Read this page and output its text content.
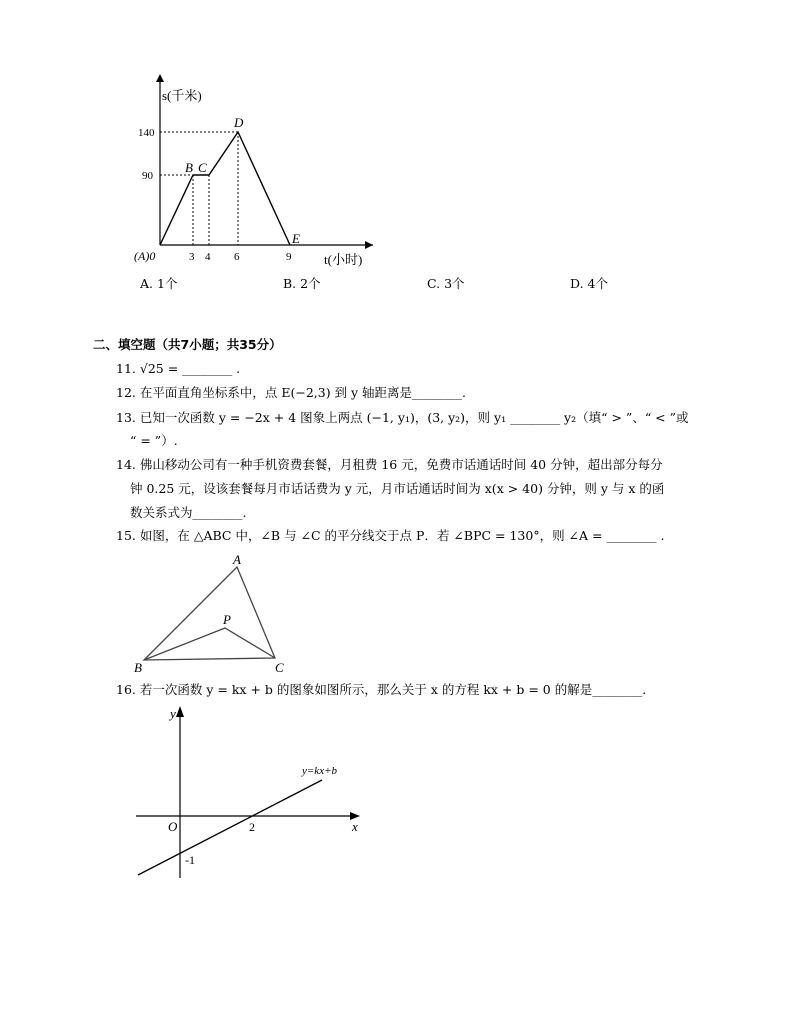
s(千米)
t(小时)
140
90
3 4 6	9
(A)0
B C
D
E
A. 1个	B. 2个	C. 3个	D. 4个
二、填空题（共7小题；共35分）
11. √25 = ________ .
12. 在平面直角坐标系中，点 E(−2,3) 到 y 轴距离是________.
13. 已知一次函数 y = −2x + 4 图象上两点 (−1, y₁)，(3, y₂)，则 y₁ ________ y₂（填“ > ”、“ < ”或
“ = ”）.
14. 佛山移动公司有一种手机资费套餐，月租费 16 元，免费市话通话时间 40 分钟，超出部分每分
钟 0.25 元，设该套餐每月市话话费为 y 元，月市话通话时间为 x(x > 40) 分钟，则 y 与 x 的函
数关系式为________.
15. 如图，在 △ABC 中，∠B 与 ∠C 的平分线交于点 P．若 ∠BPC = 130°，则 ∠A = ________ .
A
B	C
P
16. 若一次函数 y = kx + b 的图象如图所示，那么关于 x 的方程 kx + b = 0 的解是________.
y
x
O	2
-1
y=kx+b
